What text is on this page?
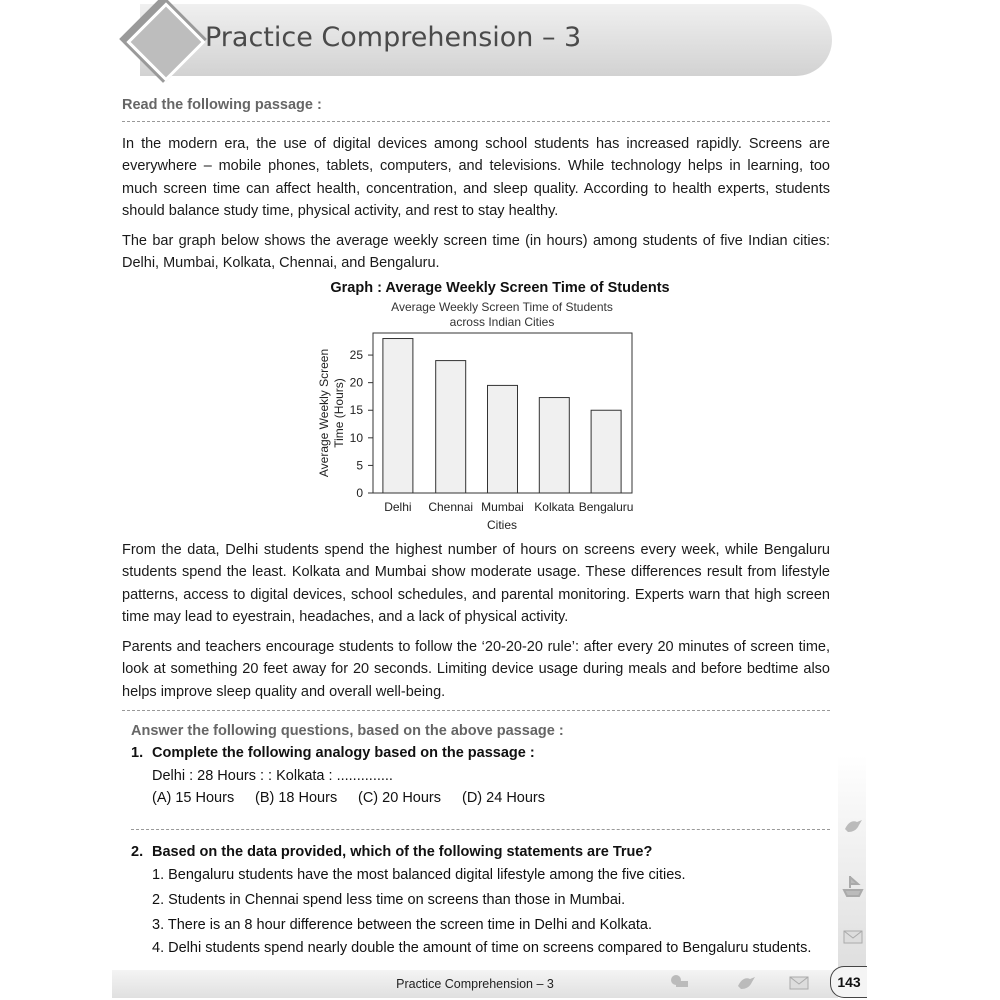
Practice Comprehension – 3
Read the following passage :
In the modern era, the use of digital devices among school students has increased rapidly. Screens are everywhere – mobile phones, tablets, computers, and televisions. While technology helps in learning, too much screen time can affect health, concentration, and sleep quality. According to health experts, students should balance study time, physical activity, and rest to stay healthy.
The bar graph below shows the average weekly screen time (in hours) among students of five Indian cities: Delhi, Mumbai, Kolkata, Chennai, and Bengaluru.
Graph : Average Weekly Screen Time of Students
Average Weekly Screen Time of Students
across Indian Cities
0
5
10
15
20
25
Delhi Chennai Mumbai Kolkata Bengaluru
Cities
Average Weekly Screen Time (Hours)
From the data, Delhi students spend the highest number of hours on screens every week, while Bengaluru students spend the least. Kolkata and Mumbai show moderate usage. These differences result from lifestyle patterns, access to digital devices, school schedules, and parental monitoring. Experts warn that high screen time may lead to eyestrain, headaches, and a lack of physical activity.
Parents and teachers encourage students to follow the ‘20-20-20 rule’: after every 20 minutes of screen time, look at something 20 feet away for 20 seconds. Limiting device usage during meals and before bedtime also helps improve sleep quality and overall well-being.
Answer the following questions, based on the above passage :
1. Complete the following analogy based on the passage :
Delhi : 28 Hours : : Kolkata : ..............
(A) 15 Hours (B) 18 Hours (C) 20 Hours (D) 24 Hours
2. Based on the data provided, which of the following statements are True?
1. Bengaluru students have the most balanced digital lifestyle among the five cities.
2. Students in Chennai spend less time on screens than those in Mumbai.
3. There is an 8 hour difference between the screen time in Delhi and Kolkata.
4. Delhi students spend nearly double the amount of time on screens compared to Bengaluru students.
Practice Comprehension – 3	143
